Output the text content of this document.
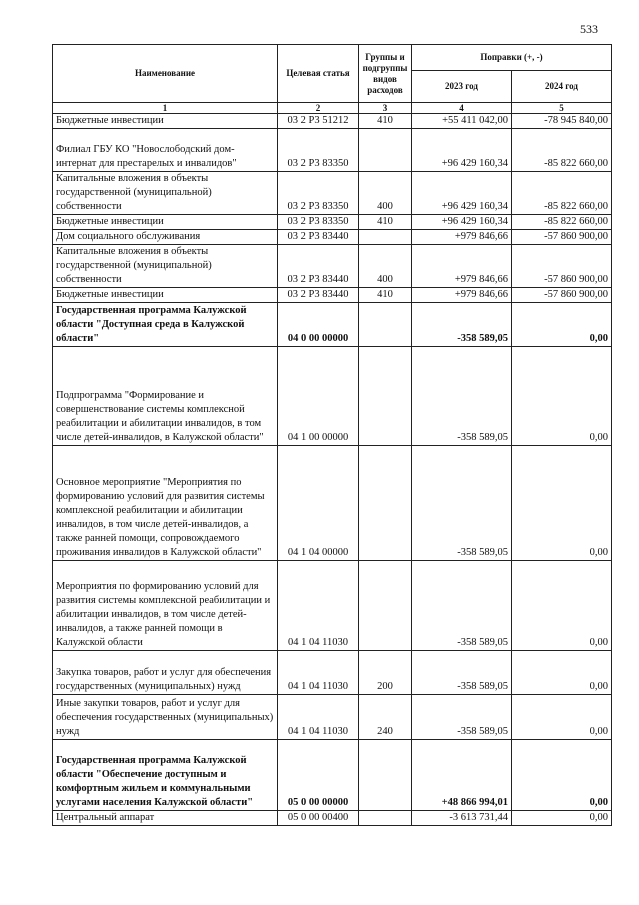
533
Наименование	Целевая статья	Группы и подгруппы видов расходов	Поправки (+, -)	
			2023 год	2024 год
1	2	3	4	5
Бюджетные инвестиции	03 2 P3 51212	410	+55 411 042,00	-78 945 840,00
Филиал ГБУ КО "Новослободский дом-интернат для престарелых и инвалидов"	03 2 P3 83350		+96 429 160,34	-85 822 660,00
Капитальные вложения в объекты государственной (муниципальной) собственности	03 2 P3 83350	400	+96 429 160,34	-85 822 660,00
Бюджетные инвестиции	03 2 P3 83350	410	+96 429 160,34	-85 822 660,00
Дом социального обслуживания	03 2 P3 83440		+979 846,66	-57 860 900,00
Капитальные вложения в объекты государственной (муниципальной) собственности	03 2 P3 83440	400	+979 846,66	-57 860 900,00
Бюджетные инвестиции	03 2 P3 83440	410	+979 846,66	-57 860 900,00
Государственная программа Калужской области "Доступная среда в Калужской области"	04 0 00 00000		-358 589,05	0,00
Подпрограмма "Формирование и совершенствование системы комплексной реабилитации и абилитации инвалидов, в том числе детей-инвалидов, в Калужской области"	04 1 00 00000		-358 589,05	0,00
Основное мероприятие "Мероприятия по формированию условий для развития системы комплексной реабилитации и абилитации инвалидов, в том числе детей-инвалидов, а также ранней помощи, сопровождаемого проживания инвалидов в Калужской области"	04 1 04 00000		-358 589,05	0,00
Мероприятия по формированию условий для развития системы комплексной реабилитации и абилитации инвалидов, в том числе детей-инвалидов, а также ранней помощи в Калужской области	04 1 04 11030		-358 589,05	0,00
Закупка товаров, работ и услуг для обеспечения государственных (муниципальных) нужд	04 1 04 11030	200	-358 589,05	0,00
Иные закупки товаров, работ и услуг для обеспечения государственных (муниципальных) нужд	04 1 04 11030	240	-358 589,05	0,00
Государственная программа Калужской области "Обеспечение доступным и комфортным жильем и коммунальными услугами населения Калужской области"	05 0 00 00000		+48 866 994,01	0,00
Центральный аппарат	05 0 00 00400		-3 613 731,44	0,00
